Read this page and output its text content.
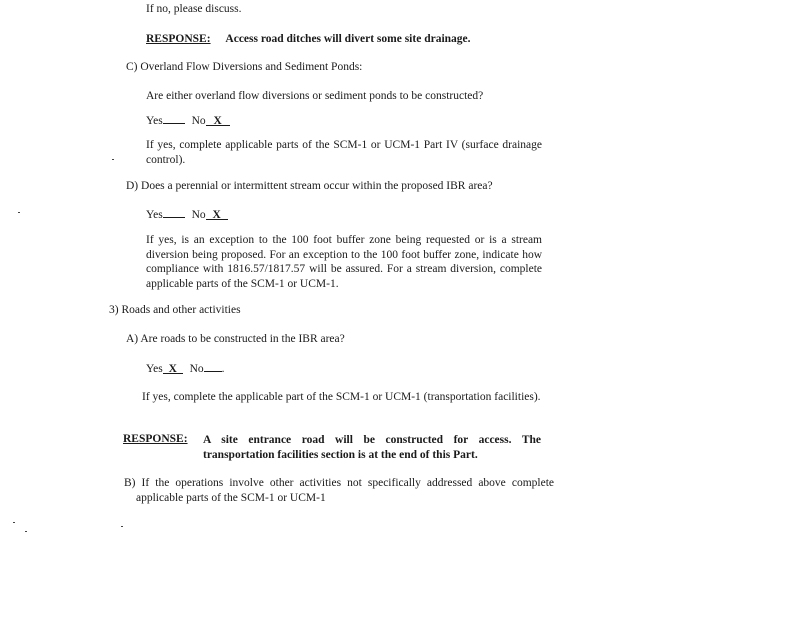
If no, please discuss.
RESPONSE: Access road ditches will divert some site drainage.
C) Overland Flow Diversions and Sediment Ponds:
Are either overland flow diversions or sediment ponds to be constructed?
Yes	No X
If yes, complete applicable parts of the SCM-1 or UCM-1 Part IV (surface drainage control).
D) Does a perennial or intermittent stream occur within the proposed IBR area?
Yes	No X
If yes, is an exception to the 100 foot buffer zone being requested or is a stream diversion being proposed. For an exception to the 100 foot buffer zone, indicate how compliance with 1816.57/1817.57 will be assured. For a stream diversion, complete applicable parts of the SCM-1 or UCM-1.
3) Roads and other activities
A) Are roads to be constructed in the IBR area?
Yes X No .
If yes, complete the applicable part of the SCM-1 or UCM-1 (transportation facilities).
RESPONSE: A site entrance road will be constructed for access. The transportation facilities section is at the end of this Part.
B) If the operations involve other activities not specifically addressed above complete applicable parts of the SCM-1 or UCM-1
